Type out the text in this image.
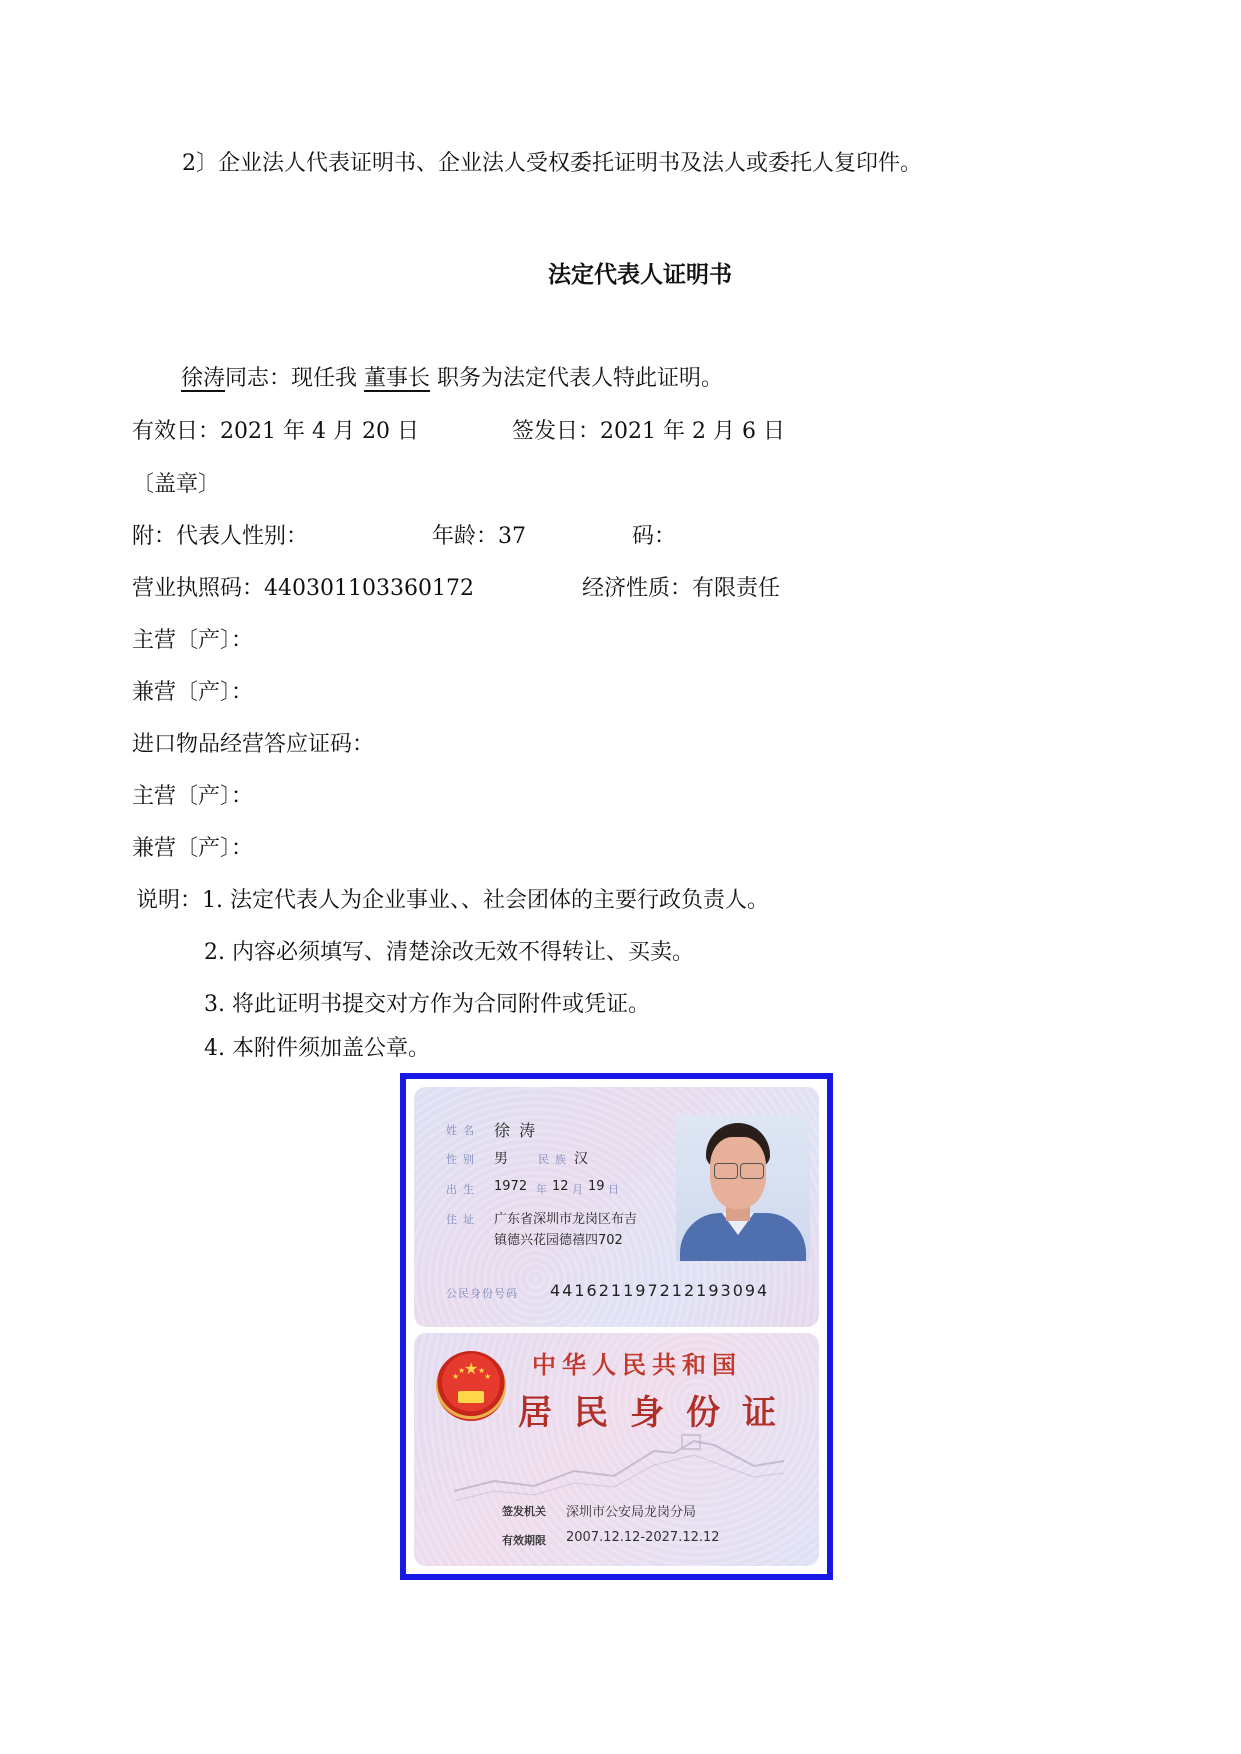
2〕企业法人代表证明书、企业法人受权委托证明书及法人或委托人复印件。
法定代表人证明书
徐涛同志：现任我 董事长 职务为法定代表人特此证明。
有效日：2021 年 4 月 20 日	签发日：2021 年 2 月 6 日
〔盖章〕
附：代表人性别：	年龄：37	码：
营业执照码：440301103360172	经济性质：有限责任
主营〔产〕：
兼营〔产〕：
进口物品经营答应证码：
主营〔产〕：
兼营〔产〕：
说明：1. 法定代表人为企业事业、、社会团体的主要行政负责人。
2. 内容必须填写、清楚涂改无效不得转让、买卖。
3. 将此证明书提交对方作为合同附件或凭证。
4. 本附件须加盖公章。
姓名 徐 涛
性别 男	民族 汉
出生 1972 年 12 月 19 日
住址 广东省深圳市龙岗区布吉
镇德兴花园德禧四702
公民身份号码 441621197212193094
★
★
★ ★
★ 中华人民共和国
居民身份证
签发机关 深圳市公安局龙岗分局
有效期限 2007.12.12-2027.12.12
